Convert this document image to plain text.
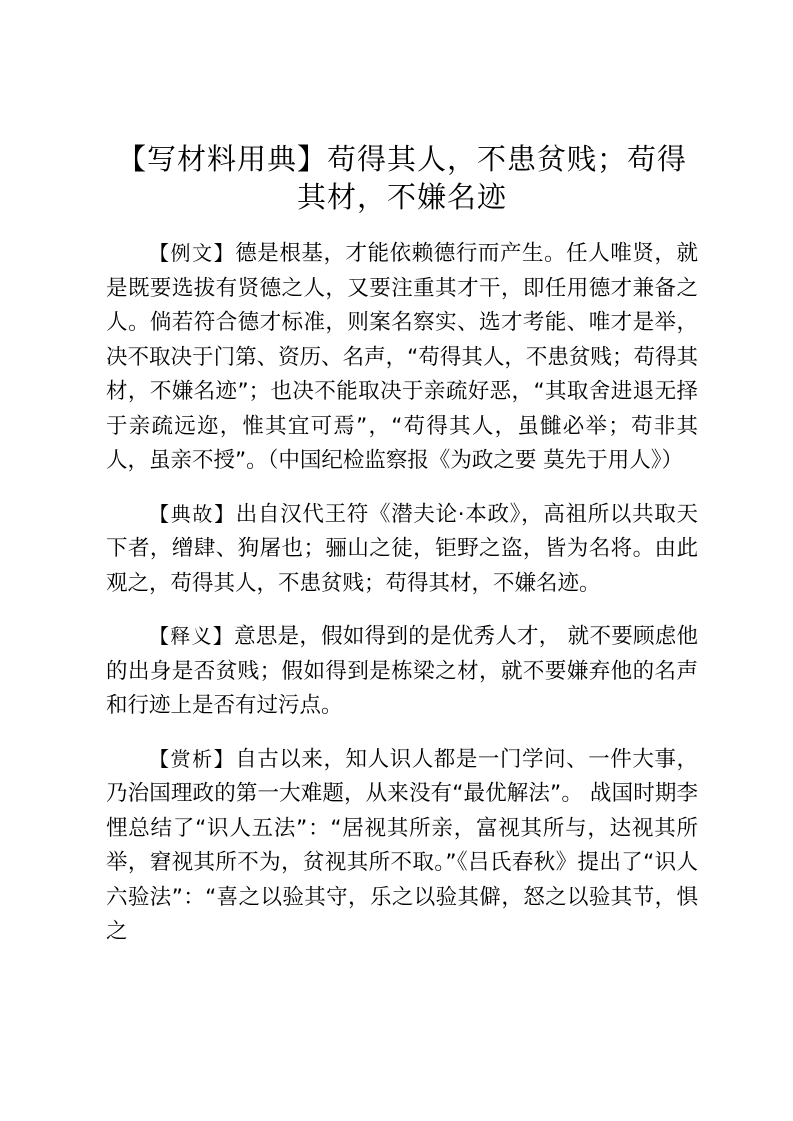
【写材料用典】苟得其人，不患贫贱；苟得其材，不嫌名迹

【例文】德是根基，才能依赖德行而产生。任人唯贤，就是既要选拔有贤德之人，又要注重其才干，即任用德才兼备之人。倘若符合德才标准，则案名察实、选才考能、唯才是举，决不取决于门第、资历、名声，“苟得其人，不患贫贱；苟得其材，不嫌名迹”；也决不能取决于亲疏好恶，“其取舍进退无择于亲疏远迩，惟其宜可焉”，“苟得其人，虽雠必举；苟非其人，虽亲不授”。（中国纪检监察报《为政之要 莫先于用人》）

【典故】出自汉代王符《潜夫论·本政》，高祖所以共取天下者，缯肆、狗屠也；骊山之徒，钜野之盗，皆为名将。由此观之，苟得其人，不患贫贱；苟得其材，不嫌名迹。

【释义】意思是，假如得到的是优秀人才， 就不要顾虑他的出身是否贫贱；假如得到是栋梁之材，就不要嫌弃他的名声和行迹上是否有过污点。

【赏析】自古以来，知人识人都是一门学问、一件大事，乃治国理政的第一大难题，从来没有“最优解法”。 战国时期李悝总结了“识人五法”：“居视其所亲，富视其所与，达视其所举，窘视其所不为，贫视其所不取。”《吕氏春秋》提出了“识人六验法”：“喜之以验其守，乐之以验其僻，怒之以验其节，惧之
